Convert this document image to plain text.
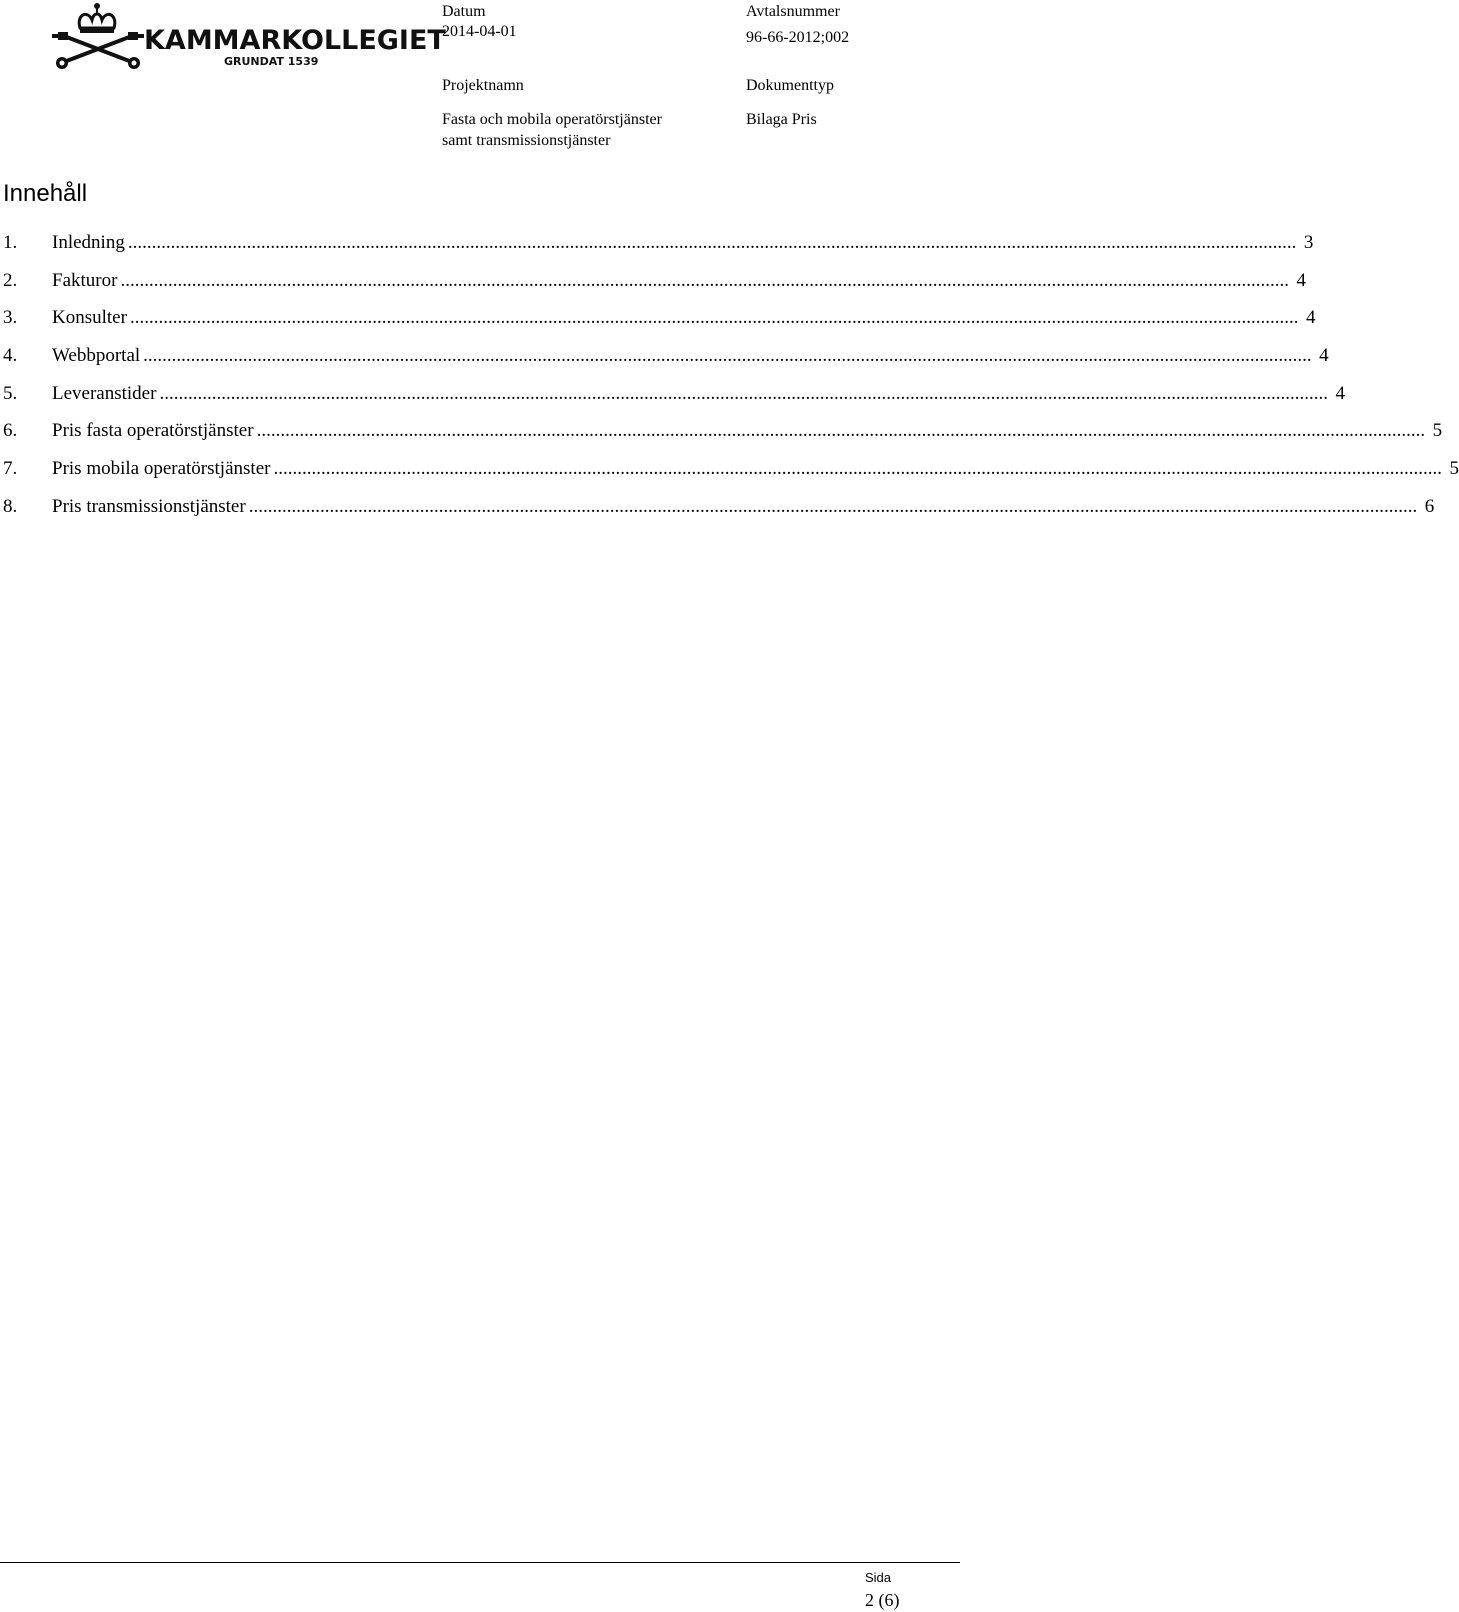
KAMMARKOLLEGIET
GRUNDAT 1539
Datum
2014-04-01
Avtalsnummer
96-66-2012;002
Projektnamn
Fasta och mobila operatörstjänster
samt transmissionstjänster
Dokumenttyp
Bilaga Pris
Innehåll
1.	Inledning .....	3
2.	Fakturor .....	4
3.	Konsulter .....	4
4.	Webbportal .....	4
5.	Leveranstider .....	4
6.	Pris fasta operatörstjänster .....	5
7.	Pris mobila operatörstjänster .....	5
8.	Pris transmissionstjänster .....	6
Sida
2 (6)
